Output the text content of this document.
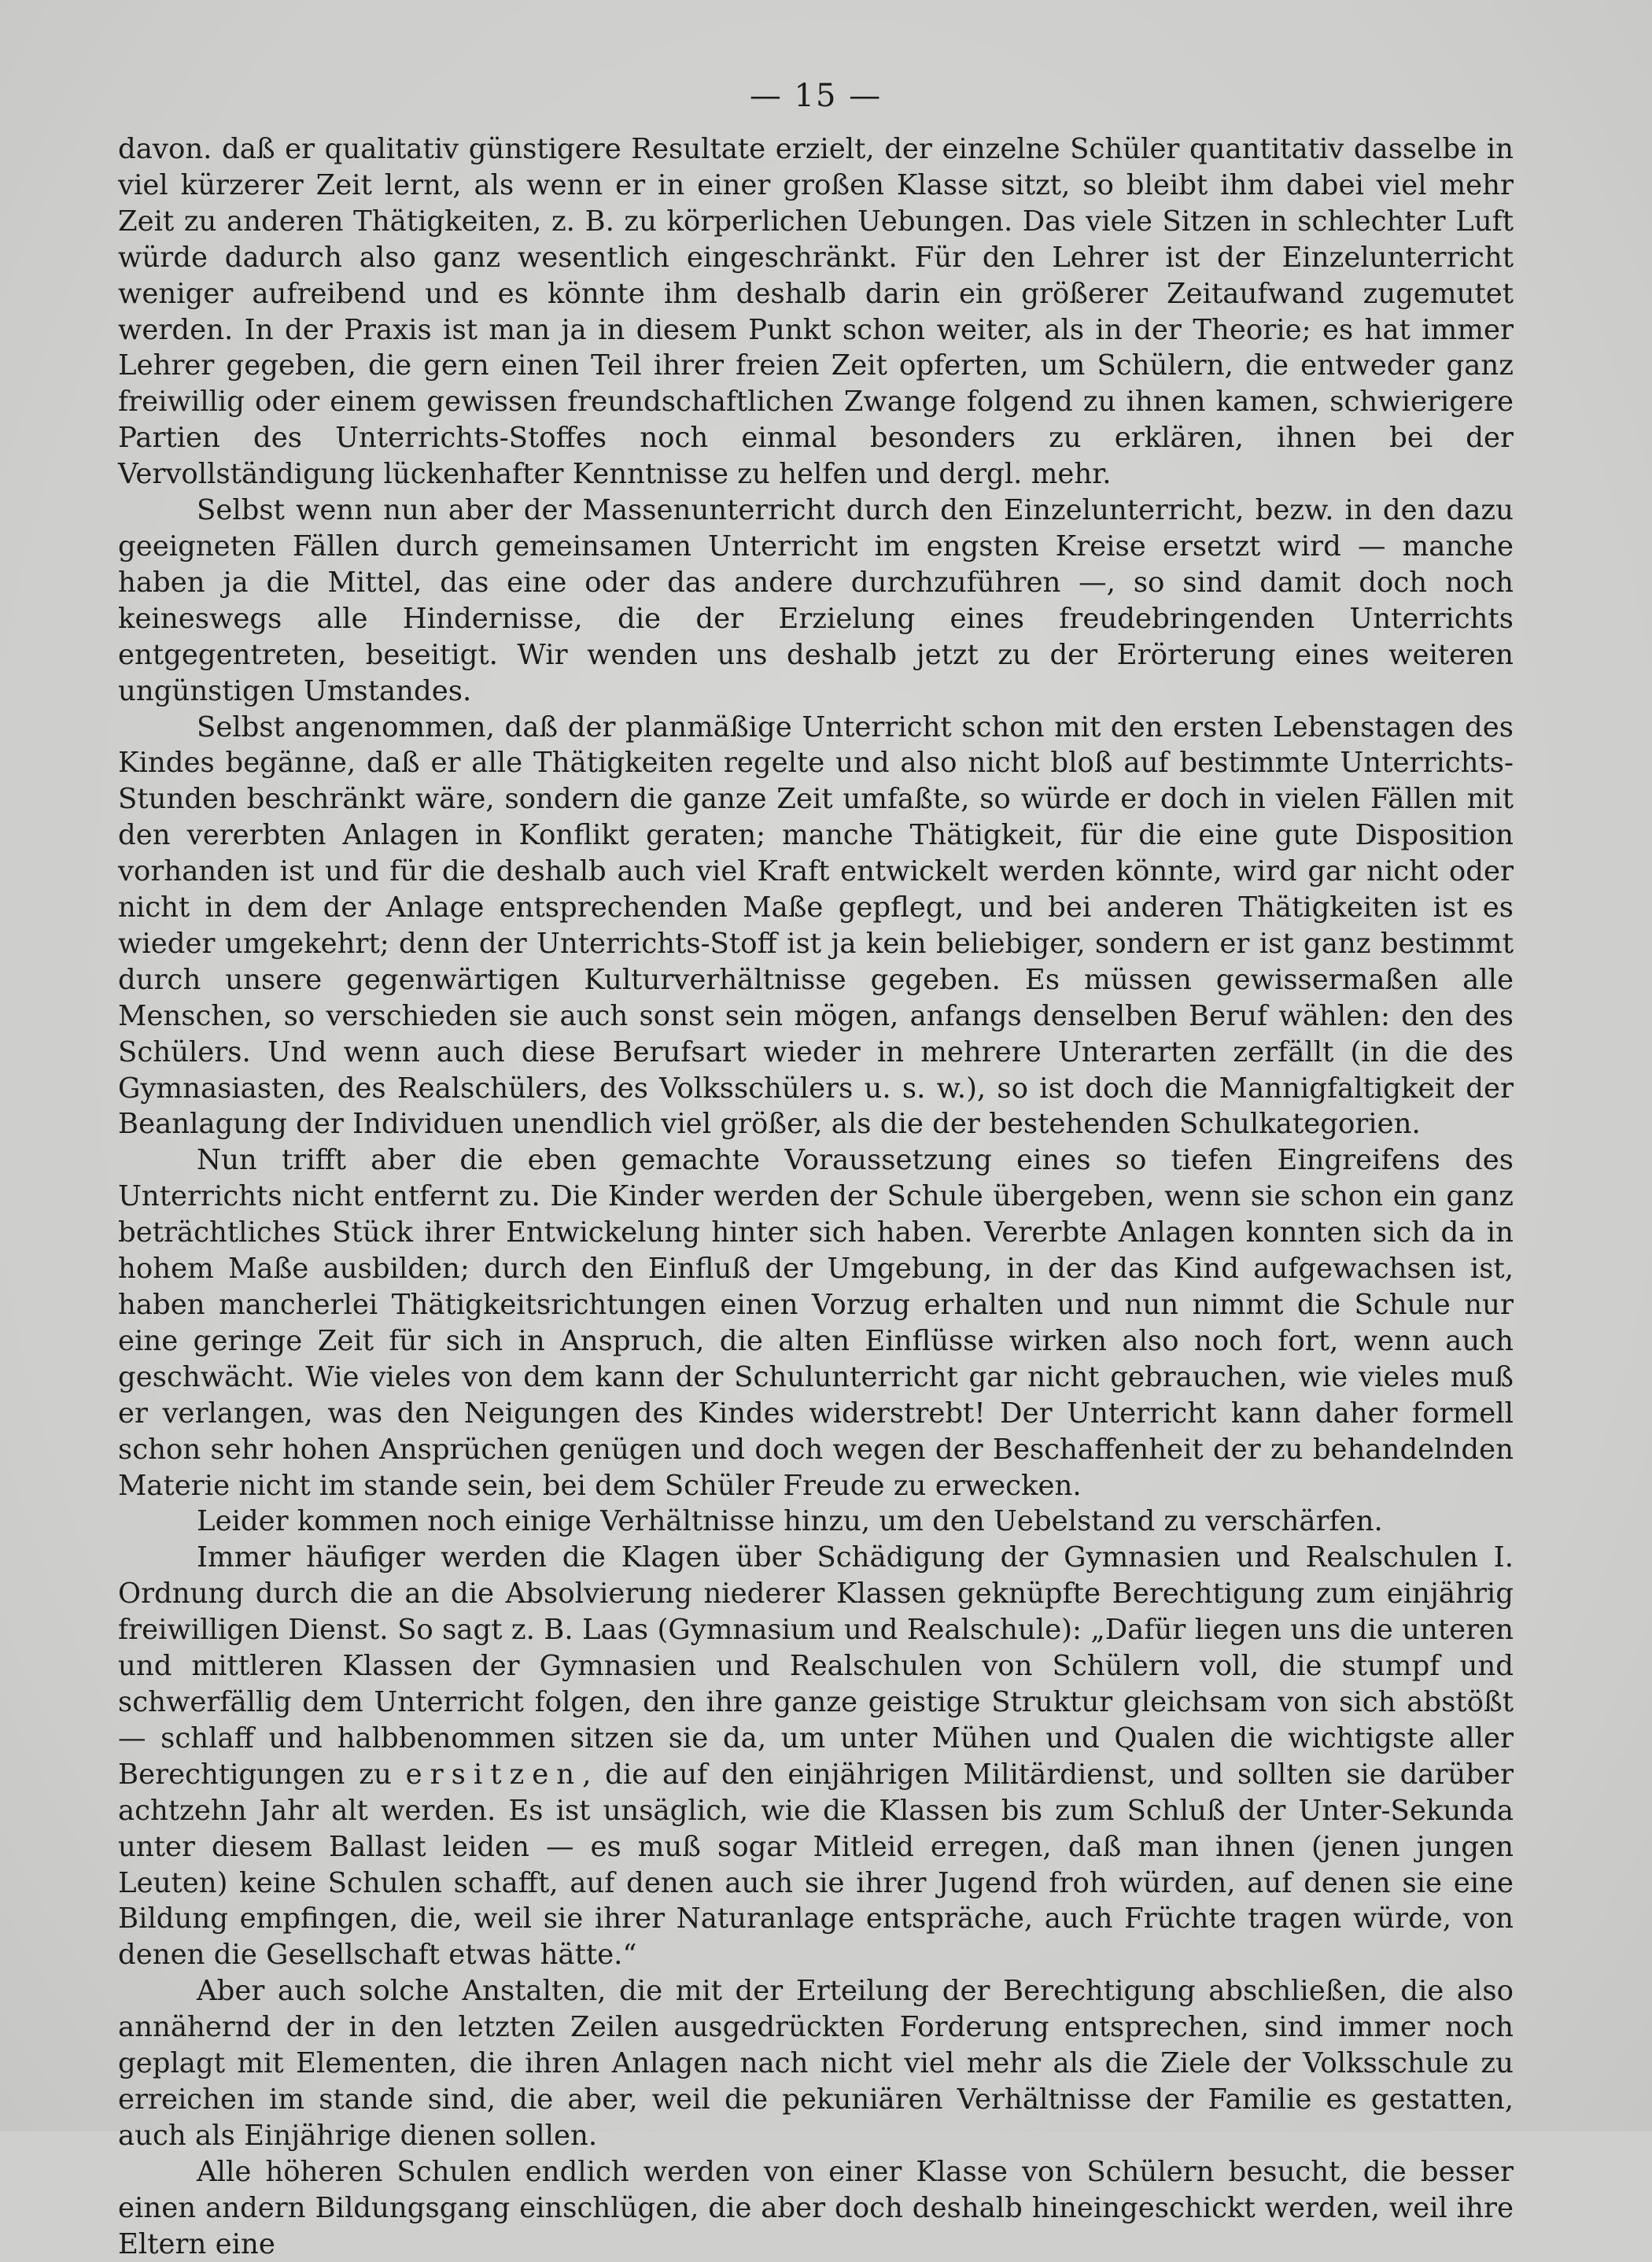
— 15 —

davon. daß er qualitativ günstigere Resultate erzielt, der einzelne Schüler quantitativ dasselbe in viel kürzerer Zeit lernt, als wenn er in einer großen Klasse sitzt, so bleibt ihm dabei viel mehr Zeit zu anderen Thätigkeiten, z. B. zu körperlichen Uebungen. Das viele Sitzen in schlechter Luft würde dadurch also ganz wesentlich eingeschränkt. Für den Lehrer ist der Einzelunterricht weniger aufreibend und es könnte ihm deshalb darin ein größerer Zeitaufwand zugemutet werden. In der Praxis ist man ja in diesem Punkt schon weiter, als in der Theorie; es hat immer Lehrer gegeben, die gern einen Teil ihrer freien Zeit opferten, um Schülern, die entweder ganz freiwillig oder einem gewissen freundschaftlichen Zwange folgend zu ihnen kamen, schwierigere Partien des Unterrichts-Stoffes noch einmal besonders zu erklären, ihnen bei der Vervollständigung lückenhafter Kenntnisse zu helfen und dergl. mehr.

Selbst wenn nun aber der Massenunterricht durch den Einzelunterricht, bezw. in den dazu geeigneten Fällen durch gemeinsamen Unterricht im engsten Kreise ersetzt wird — manche haben ja die Mittel, das eine oder das andere durchzuführen —, so sind damit doch noch keineswegs alle Hindernisse, die der Erzielung eines freudebringenden Unterrichts entgegentreten, beseitigt. Wir wenden uns deshalb jetzt zu der Erörterung eines weiteren ungünstigen Umstandes.

Selbst angenommen, daß der planmäßige Unterricht schon mit den ersten Lebenstagen des Kindes begänne, daß er alle Thätigkeiten regelte und also nicht bloß auf bestimmte Unterrichts-Stunden beschränkt wäre, sondern die ganze Zeit umfaßte, so würde er doch in vielen Fällen mit den vererbten Anlagen in Konflikt geraten; manche Thätigkeit, für die eine gute Disposition vorhanden ist und für die deshalb auch viel Kraft entwickelt werden könnte, wird gar nicht oder nicht in dem der Anlage entsprechenden Maße gepflegt, und bei anderen Thätigkeiten ist es wieder umgekehrt; denn der Unterrichts-Stoff ist ja kein beliebiger, sondern er ist ganz bestimmt durch unsere gegenwärtigen Kulturverhältnisse gegeben. Es müssen gewissermaßen alle Menschen, so verschieden sie auch sonst sein mögen, anfangs denselben Beruf wählen: den des Schülers. Und wenn auch diese Berufsart wieder in mehrere Unterarten zerfällt (in die des Gymnasiasten, des Realschülers, des Volksschülers u. s. w.), so ist doch die Mannigfaltigkeit der Beanlagung der Individuen unendlich viel größer, als die der bestehenden Schulkategorien.

Nun trifft aber die eben gemachte Voraussetzung eines so tiefen Eingreifens des Unterrichts nicht entfernt zu. Die Kinder werden der Schule übergeben, wenn sie schon ein ganz beträchtliches Stück ihrer Entwickelung hinter sich haben. Vererbte Anlagen konnten sich da in hohem Maße ausbilden; durch den Einfluß der Umgebung, in der das Kind aufgewachsen ist, haben mancherlei Thätigkeitsrichtungen einen Vorzug erhalten und nun nimmt die Schule nur eine geringe Zeit für sich in Anspruch, die alten Einflüsse wirken also noch fort, wenn auch geschwächt. Wie vieles von dem kann der Schulunterricht gar nicht gebrauchen, wie vieles muß er verlangen, was den Neigungen des Kindes widerstrebt! Der Unterricht kann daher formell schon sehr hohen Ansprüchen genügen und doch wegen der Beschaffenheit der zu behandelnden Materie nicht im stande sein, bei dem Schüler Freude zu erwecken.

Leider kommen noch einige Verhältnisse hinzu, um den Uebelstand zu verschärfen.

Immer häufiger werden die Klagen über Schädigung der Gymnasien und Realschulen I. Ordnung durch die an die Absolvierung niederer Klassen geknüpfte Berechtigung zum einjährig freiwilligen Dienst. So sagt z. B. Laas (Gymnasium und Realschule): „Dafür liegen uns die unteren und mittleren Klassen der Gymnasien und Realschulen von Schülern voll, die stumpf und schwerfällig dem Unterricht folgen, den ihre ganze geistige Struktur gleichsam von sich abstößt — schlaff und halbbenommen sitzen sie da, um unter Mühen und Qualen die wichtigste aller Berechtigungen zu ersitzen, die auf den einjährigen Militärdienst, und sollten sie darüber achtzehn Jahr alt werden. Es ist unsäglich, wie die Klassen bis zum Schluß der Unter-Sekunda unter diesem Ballast leiden — es muß sogar Mitleid erregen, daß man ihnen (jenen jungen Leuten) keine Schulen schafft, auf denen auch sie ihrer Jugend froh würden, auf denen sie eine Bildung empfingen, die, weil sie ihrer Naturanlage entspräche, auch Früchte tragen würde, von denen die Gesellschaft etwas hätte.“

Aber auch solche Anstalten, die mit der Erteilung der Berechtigung abschließen, die also annähernd der in den letzten Zeilen ausgedrückten Forderung entsprechen, sind immer noch geplagt mit Elementen, die ihren Anlagen nach nicht viel mehr als die Ziele der Volksschule zu erreichen im stande sind, die aber, weil die pekuniären Verhältnisse der Familie es gestatten, auch als Einjährige dienen sollen.

Alle höheren Schulen endlich werden von einer Klasse von Schülern besucht, die besser einen andern Bildungsgang einschlügen, die aber doch deshalb hineingeschickt werden, weil ihre Eltern eine
